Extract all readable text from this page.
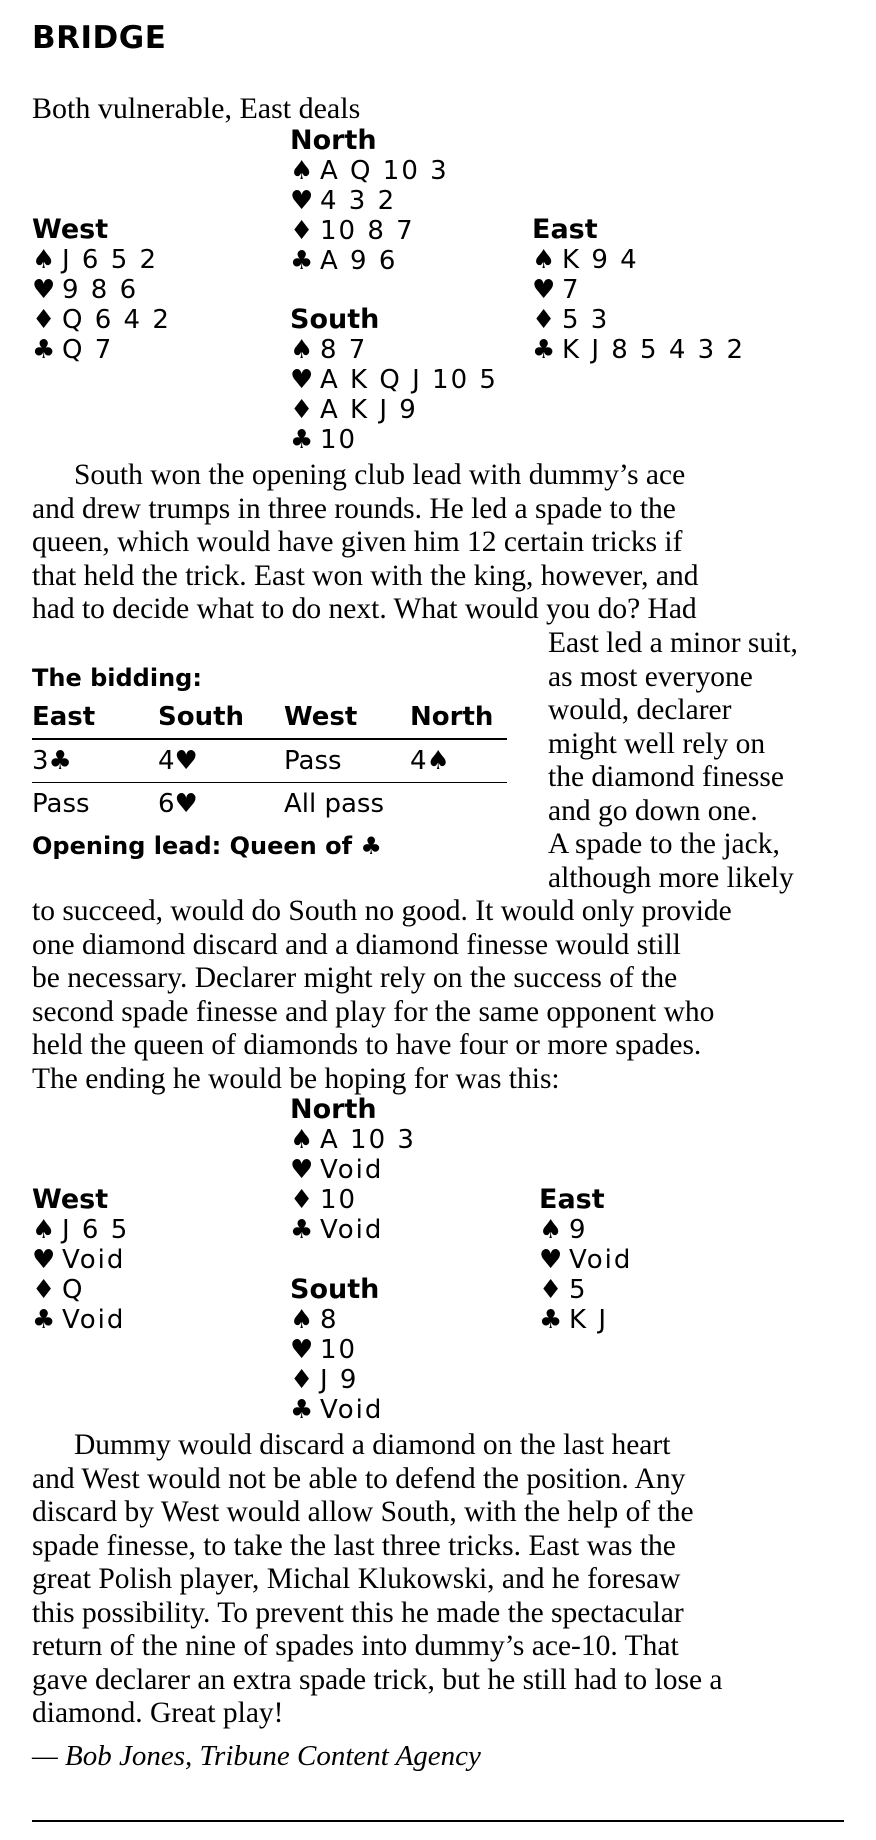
BRIDGE
Both vulnerable, East deals
North
♠ A Q 10 3
♥ 4 3 2
♦ 10 8 7
♣ A 9 6
West
♠ J 6 5 2
♥ 9 8 6
♦ Q 6 4 2
♣ Q 7
East
♠ K 9 4
♥ 7
♦ 5 3
♣ K J 8 5 4 3 2
South
♠ 8 7
♥ A K Q J 10 5
♦ A K J 9
♣ 10
South won the opening club lead with dummy’s ace
and drew trumps in three rounds. He led a spade to the
queen, which would have given him 12 certain tricks if
that held the trick. East won with the king, however, and
had to decide what to do next. What would you do? Had
East led a minor suit,
as most everyone
would, declarer
might well rely on
the diamond finesse
and go down one.
A spade to the jack,
although more likely
The bidding:
East	South	West	North
3♣	4♥	Pass	4♠
Pass	6♥	All pass	
Opening lead: Queen of ♣
to succeed, would do South no good. It would only provide
one diamond discard and a diamond finesse would still
be necessary. Declarer might rely on the success of the
second spade finesse and play for the same opponent who
held the queen of diamonds to have four or more spades.
The ending he would be hoping for was this:
North
♠ A 10 3
♥ Void
♦ 10
♣ Void
West
♠ J 6 5
♥ Void
♦ Q
♣ Void
East
♠ 9
♥ Void
♦ 5
♣ K J
South
♠ 8
♥ 10
♦ J 9
♣ Void
Dummy would discard a diamond on the last heart
and West would not be able to defend the position. Any
discard by West would allow South, with the help of the
spade finesse, to take the last three tricks. East was the
great Polish player, Michal Klukowski, and he foresaw
this possibility. To prevent this he made the spectacular
return of the nine of spades into dummy’s ace-10. That
gave declarer an extra spade trick, but he still had to lose a
diamond. Great play!
— Bob Jones, Tribune Content Agency
